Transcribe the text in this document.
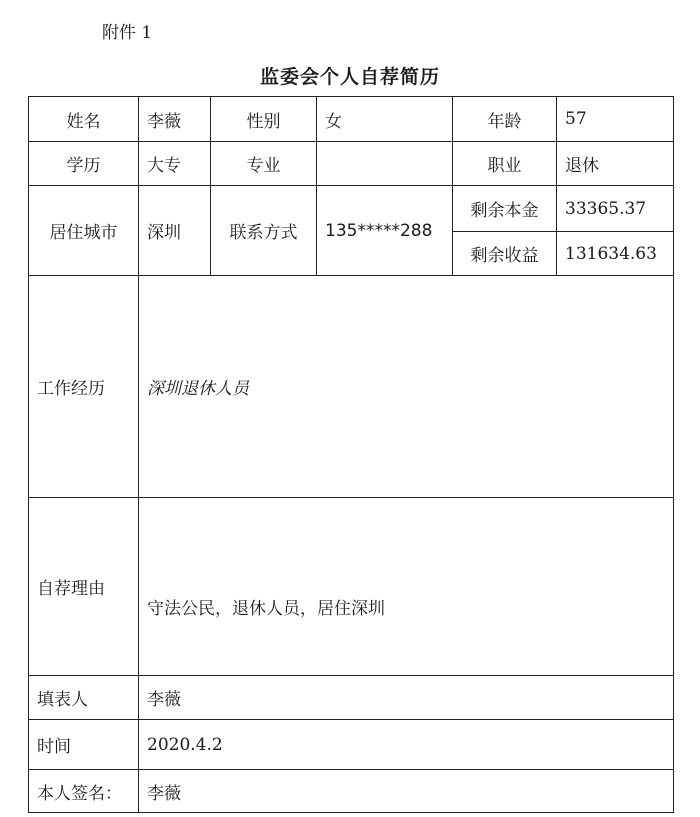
附件 1
监委会个人自荐简历
姓名	李薇	性别	女	年龄	57
学历	大专	专业		职业	退休
居住城市	深圳	联系方式	135*****288	剩余本金	33365.37
				剩余收益	131634.63
工作经历	深圳退休人员				
自荐理由	守法公民，退休人员，居住深圳				

填表人	李薇				
时间	2020.4.2				
本人签名：	李薇				
